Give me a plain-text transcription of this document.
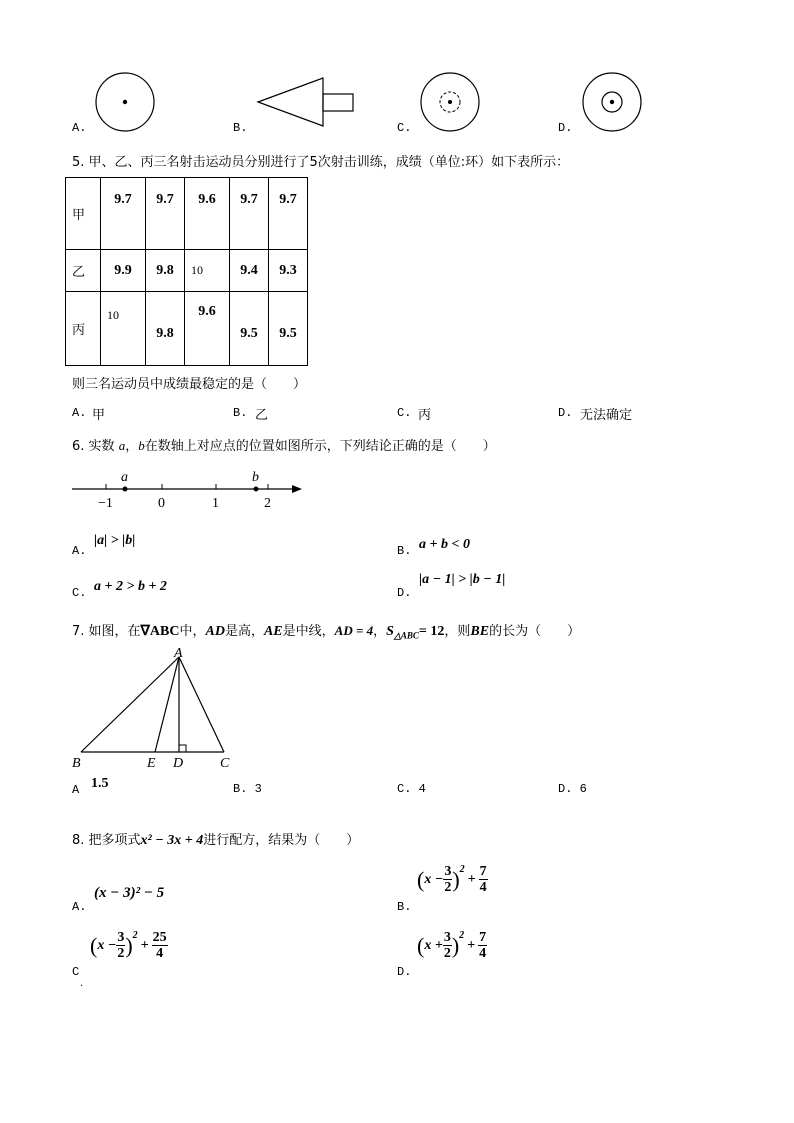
A.	B.	C.	D.
5. 甲、乙、丙三名射击运动员分别进行了5次射击训练，成绩（单位:环）如下表所示：
甲	9.7	9.7	9.6	9.7	9.7
乙	9.9	9.8	10	9.4	9.3
丙	10	9.8	9.6	9.5	9.5
则三名运动员中成绩最稳定的是（　　）
A. 甲	B. 乙	C. 丙	D. 无法确定
6. 实数 a，b在数轴上对应点的位置如图所示，下列结论正确的是（　　）
−1	0	1	2
a	b
A.
|a| > |b|
B. a + b < 0
C. a + 2 > b + 2	D.
|a − 1| > |b − 1|
7. 如图，在∇ABC中，AD是高，AE是中线，AD = 4，$S_{\triangle ABC}= 12$，则BE的长为（　　）
A
B	E D	C
A 1.5	B. 3	C. 4	D. 6
8. 把多项式x² − 3x + 4进行配方，结果为（　　）
A.
(x − 3)² − 5
B.
( $x - \frac{3}{2} )^2$
+ $\frac{7}{4}$
C
.
( $x - \frac{3}{2} )^2$
+ $\frac{25}{4}$
D.
( $x + \frac{3}{2} )^2$
+ $\frac{7}{4}$
